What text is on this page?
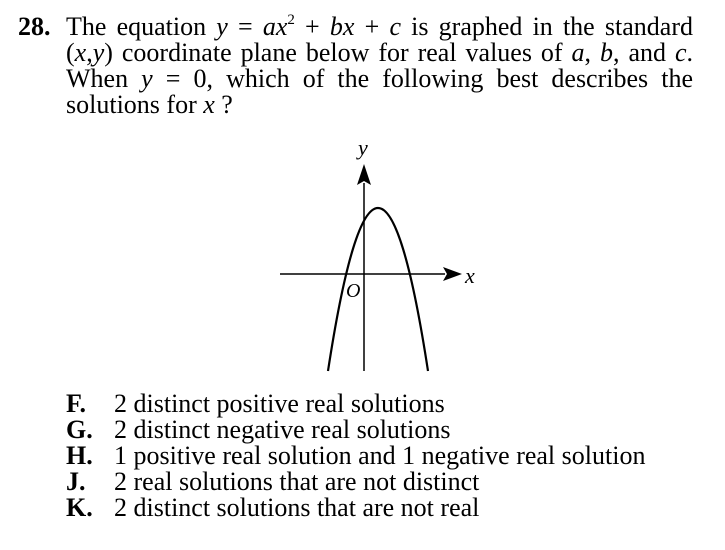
28. The equation $y = ax^2$ + bx + c is graphed in the standard (x,y) coordinate plane below for real values of a, b, and c. When y = 0, which of the following best describes the solutions for x ?
x
y
O
F.	2 distinct positive real solutions
G. 2 distinct negative real solutions
H. 1 positive real solution and 1 negative real solution
J.	2 real solutions that are not distinct
K. 2 distinct solutions that are not real
